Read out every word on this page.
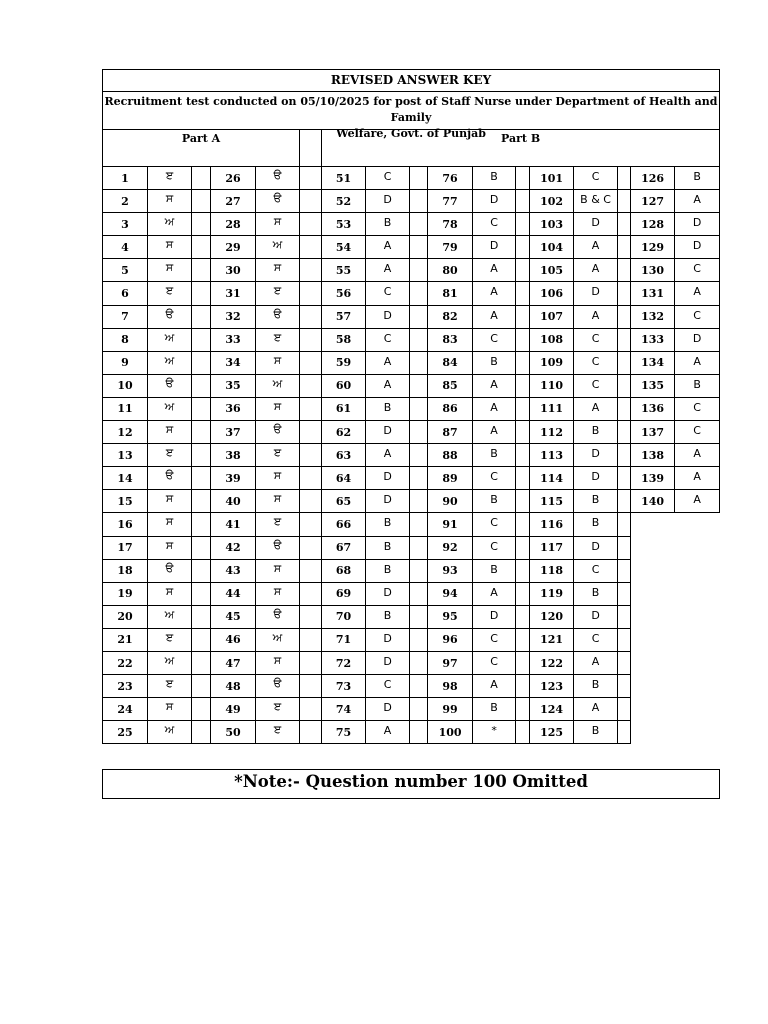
REVISED ANSWER KEY
Recruitment test conducted on 05/10/2025 for post of Staff Nurse under Department of Health and Family
Welfare, Govt. of Punjab
Part A						Part B										
1	ੲ		26	ੳ		51	C		76	B		101	C		126	B
2	ਸ		27	ੳ		52	D		77	D		102	B & C		127	A
3	ਅ		28	ਸ		53	B		78	C		103	D		128	D
4	ਸ		29	ਅ		54	A		79	D		104	A		129	D
5	ਸ		30	ਸ		55	A		80	A		105	A		130	C
6	ੲ		31	ੲ		56	C		81	A		106	D		131	A
7	ੳ		32	ੳ		57	D		82	A		107	A		132	C
8	ਅ		33	ੲ		58	C		83	C		108	C		133	D
9	ਅ		34	ਸ		59	A		84	B		109	C		134	A
10	ੳ		35	ਅ		60	A		85	A		110	C		135	B
11	ਅ		36	ਸ		61	B		86	A		111	A		136	C
12	ਸ		37	ੳ		62	D		87	A		112	B		137	C
13	ੲ		38	ੲ		63	A		88	B		113	D		138	A
14	ੳ		39	ਸ		64	D		89	C		114	D		139	A
15	ਸ		40	ਸ		65	D		90	B		115	B		140	A
16	ਸ		41	ੲ		66	B		91	C		116	B			
17	ਸ		42	ੳ		67	B		92	C		117	D			
18	ੳ		43	ਸ		68	B		93	B		118	C			
19	ਸ		44	ਸ		69	D		94	A		119	B			
20	ਅ		45	ੳ		70	B		95	D		120	D			
21	ੲ		46	ਅ		71	D		96	C		121	C			
22	ਅ		47	ਸ		72	D		97	C		122	A			
23	ੲ		48	ੳ		73	C		98	A		123	B			
24	ਸ		49	ੲ		74	D		99	B		124	A			
25	ਅ		50	ੲ		75	A		100	*		125	B			
*Note:- Question number 100 Omitted
